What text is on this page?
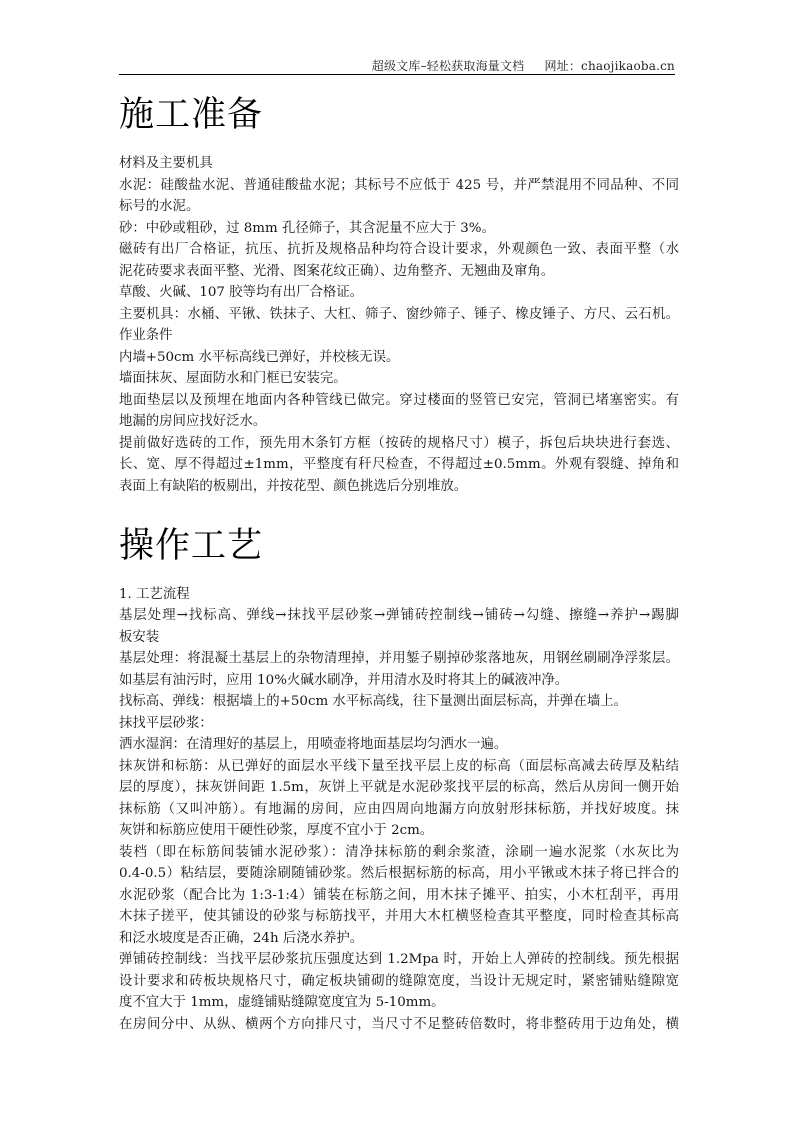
超级文库–轻松获取海量文档 网址：chaojikaoba.cn
施工准备
材料及主要机具
水泥：硅酸盐水泥、普通硅酸盐水泥；其标号不应低于 425 号，并严禁混用不同品种、不同
标号的水泥。
砂：中砂或粗砂，过 8mm 孔径筛子，其含泥量不应大于 3%。
磁砖有出厂合格证，抗压、抗折及规格品种均符合设计要求，外观颜色一致、表面平整（水
泥花砖要求表面平整、光滑、图案花纹正确）、边角整齐、无翘曲及窜角。
草酸、火碱、107 胶等均有出厂合格证。
主要机具：水桶、平锹、铁抹子、大杠、筛子、窗纱筛子、锤子、橡皮锤子、方尺、云石机。
作业条件
内墙+50cm 水平标高线已弹好，并校核无误。
墙面抹灰、屋面防水和门框已安装完。
地面垫层以及预埋在地面内各种管线已做完。穿过楼面的竖管已安完，管洞已堵塞密实。有
地漏的房间应找好泛水。
提前做好选砖的工作，预先用木条钉方框（按砖的规格尺寸）模子，拆包后块块进行套选、
长、宽、厚不得超过±1mm，平整度有秆尺检查，不得超过±0.5mm。外观有裂缝、掉角和
表面上有缺陷的板剔出，并按花型、颜色挑选后分别堆放。
操作工艺
1. 工艺流程
基层处理→找标高、弹线→抹找平层砂浆→弹铺砖控制线→铺砖→勾缝、擦缝→养护→踢脚
板安装
基层处理：将混凝土基层上的杂物清理掉，并用錾子剔掉砂浆落地灰，用钢丝刷刷净浮浆层。
如基层有油污时，应用 10%火碱水刷净，并用清水及时将其上的碱液冲净。
找标高、弹线：根据墙上的+50cm 水平标高线，往下量测出面层标高，并弹在墙上。
抹找平层砂浆：
洒水湿润：在清理好的基层上，用喷壶将地面基层均匀洒水一遍。
抹灰饼和标筋：从已弹好的面层水平线下量至找平层上皮的标高（面层标高减去砖厚及粘结
层的厚度），抹灰饼间距 1.5m，灰饼上平就是水泥砂浆找平层的标高，然后从房间一侧开始
抹标筋（又叫冲筋）。有地漏的房间，应由四周向地漏方向放射形抹标筋，并找好坡度。抹
灰饼和标筋应使用干硬性砂浆，厚度不宜小于 2cm。
装档（即在标筋间装铺水泥砂浆）：清净抹标筋的剩余浆渣，涂刷一遍水泥浆（水灰比为
0.4-0.5）粘结层，要随涂刷随铺砂浆。然后根据标筋的标高，用小平锹或木抹子将已拌合的
水泥砂浆（配合比为 1:3-1:4）铺装在标筋之间，用木抹子摊平、拍实，小木杠刮平，再用
木抹子搓平，使其铺设的砂浆与标筋找平，并用大木杠横竖检查其平整度，同时检查其标高
和泛水坡度是否正确，24h 后浇水养护。
弹铺砖控制线：当找平层砂浆抗压强度达到 1.2Mpa 时，开始上人弹砖的控制线。预先根据
设计要求和砖板块规格尺寸，确定板块铺砌的缝隙宽度，当设计无规定时，紧密铺贴缝隙宽
度不宜大于 1mm，虚缝铺贴缝隙宽度宜为 5-10mm。
在房间分中、从纵、横两个方向排尺寸，当尺寸不足整砖倍数时，将非整砖用于边角处，横
